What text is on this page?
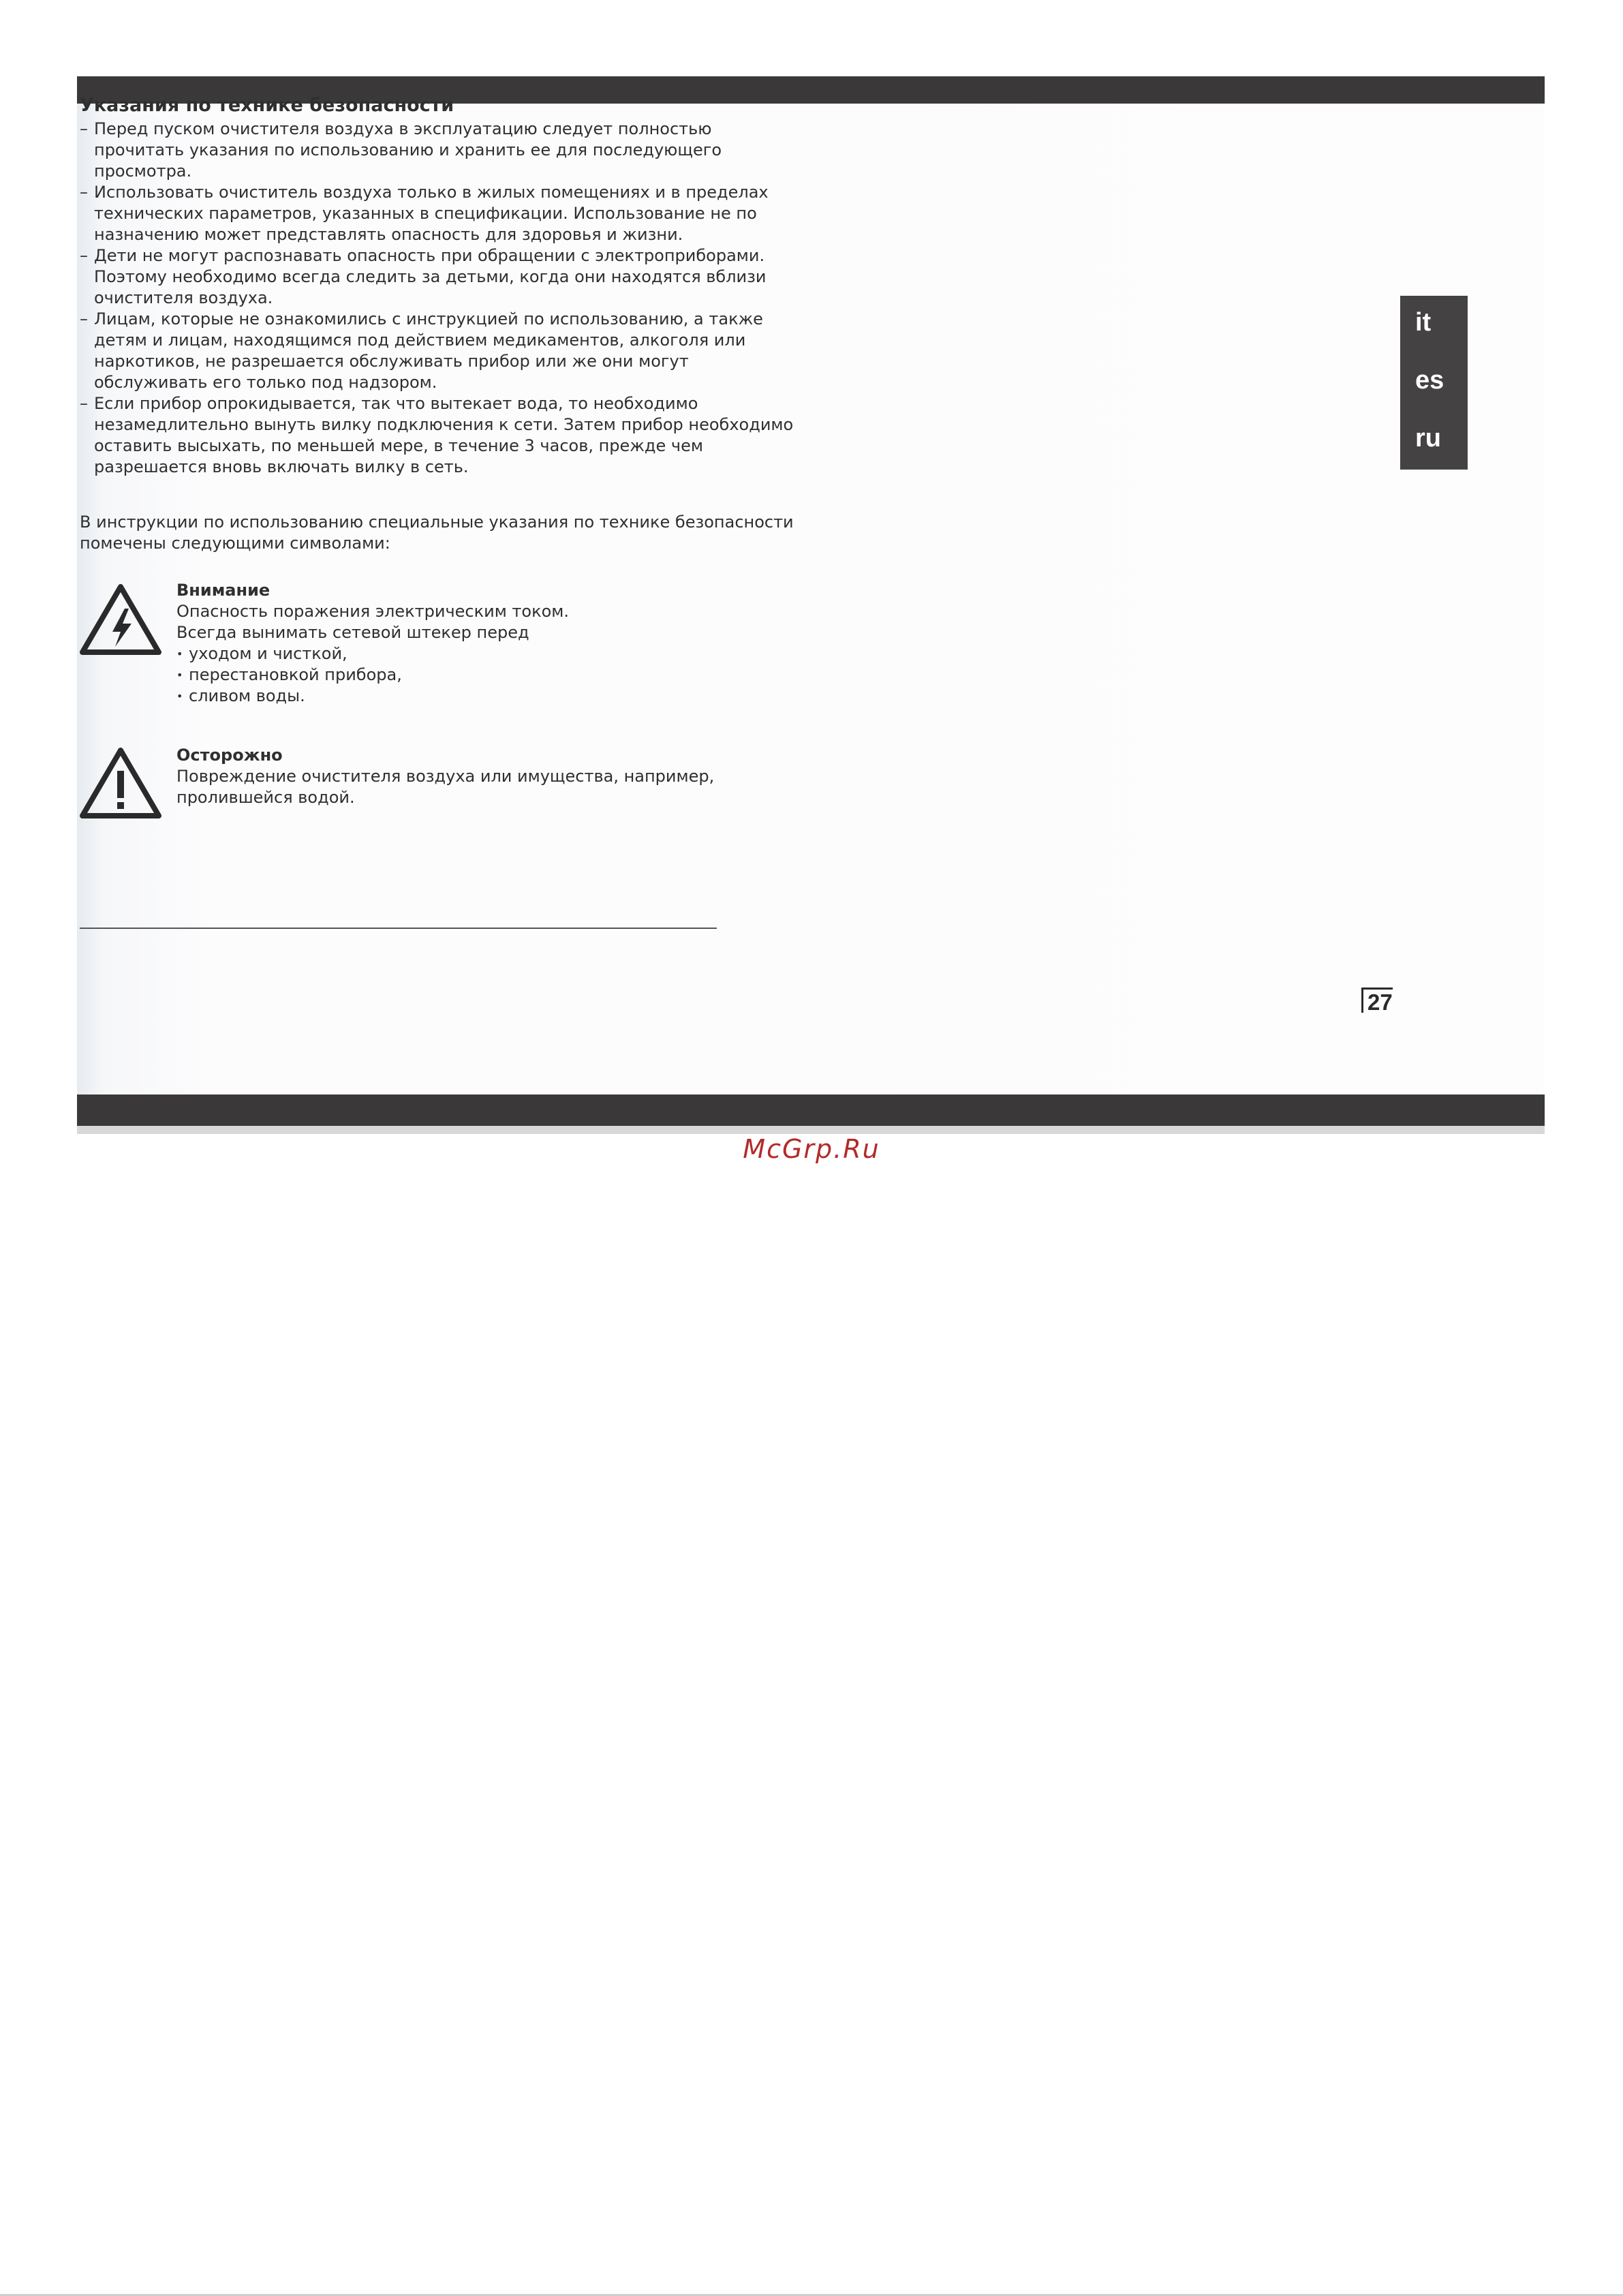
Указания по технике безопасности
– Перед пуском очистителя воздуха в эксплуатацию следует полностью прочитать указания по использованию и хранить ее для последующего просмотра.
– Использовать очиститель воздуха только в жилых помещениях и в пределах технических параметров, указанных в спецификации. Использование не по назначению может представлять опасность для здоровья и жизни.
– Дети не могут распознавать опасность при обращении с электроприборами. Поэтому необходимо всегда следить за детьми, когда они находятся вблизи очистителя воздуха.
– Лицам, которые не ознакомились с инструкцией по использованию, а также детям и лицам, находящимся под действием медикаментов, алкоголя или наркотиков, не разрешается обслуживать прибор или же они могут обслуживать его только под надзором.
– Если прибор опрокидывается, так что вытекает вода, то необходимо незамедлительно вынуть вилку подключения к сети. Затем прибор необходимо оставить высыхать, по меньшей мере, в течение 3 часов, прежде чем разрешается вновь включать вилку в сеть.
В инструкции по использованию специальные указания по технике безопасности помечены следующими символами:
Внимание
Опасность поражения электрическим током.
Всегда вынимать сетевой штекер перед
• уходом и чисткой,
• перестановкой прибора,
• сливом воды.
Осторожно
Повреждение очистителя воздуха или имущества, например, пролившейся водой.
it
es
ru
27
McGrp.Ru
